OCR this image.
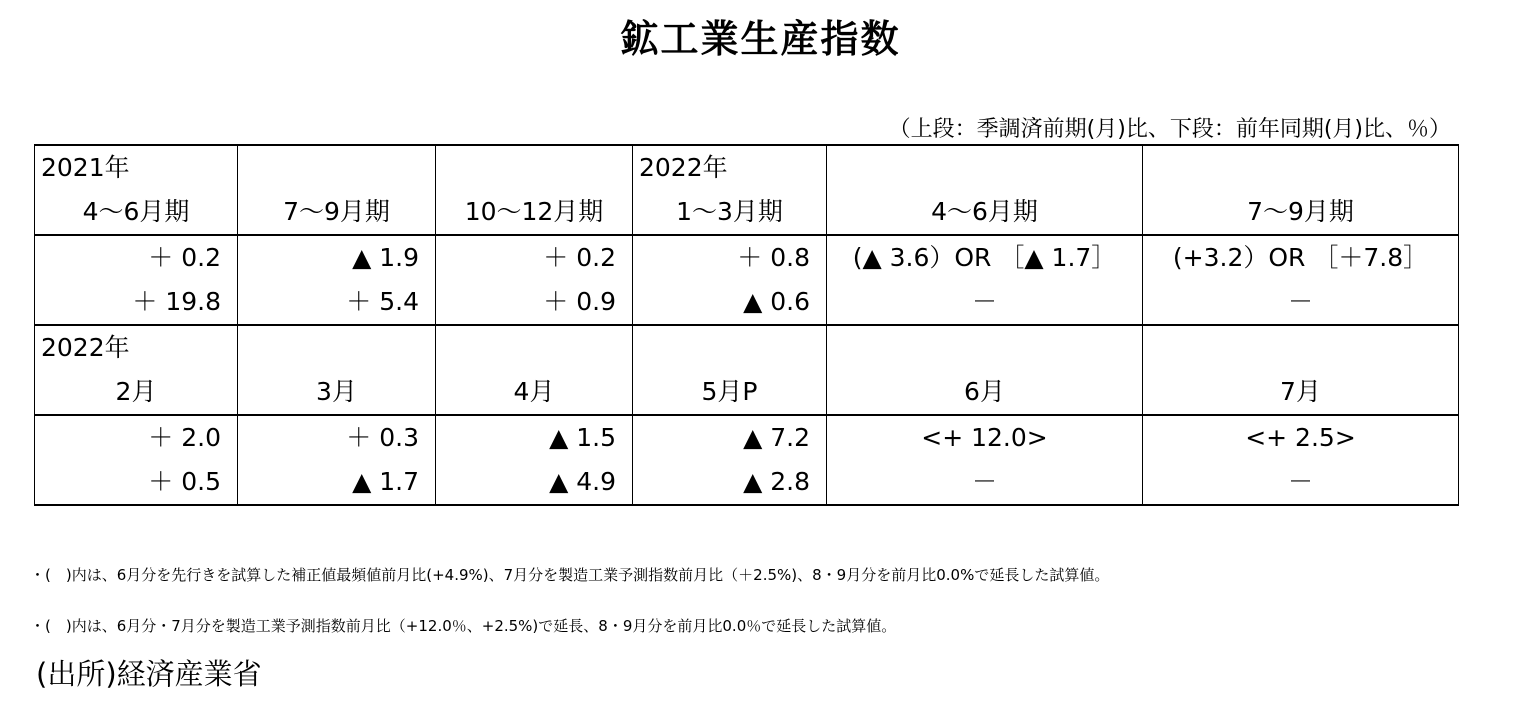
鉱工業生産指数
（上段：季調済前期(月)比、下段：前年同期(月)比、％）
2021年			2022年		
4～6月期	7～9月期	10～12月期	1～3月期	4～6月期	7～9月期
＋ 0.2	▲ 1.9	＋ 0.2	＋ 0.8	(▲ 3.6）OR ［▲ 1.7］	(+3.2）OR ［＋7.8］
＋ 19.8	＋ 5.4	＋ 0.9	▲ 0.6	－	－
2022年					
2月	3月	4月	5月P	6月	7月
＋ 2.0	＋ 0.3	▲ 1.5	▲ 7.2	<+ 12.0>	<+ 2.5>
＋ 0.5	▲ 1.7	▲ 4.9	▲ 2.8	－	－
・(　)内は、6月分を先行きを試算した補正値最頻値前月比(+4.9%)、7月分を製造工業予測指数前月比（＋2.5%)、8・9月分を前月比0.0%で延長した試算値。
・(　)内は、6月分・7月分を製造工業予測指数前月比（+12.0％、+2.5%)で延長、8・9月分を前月比0.0％で延長した試算値。
(出所)経済産業省
